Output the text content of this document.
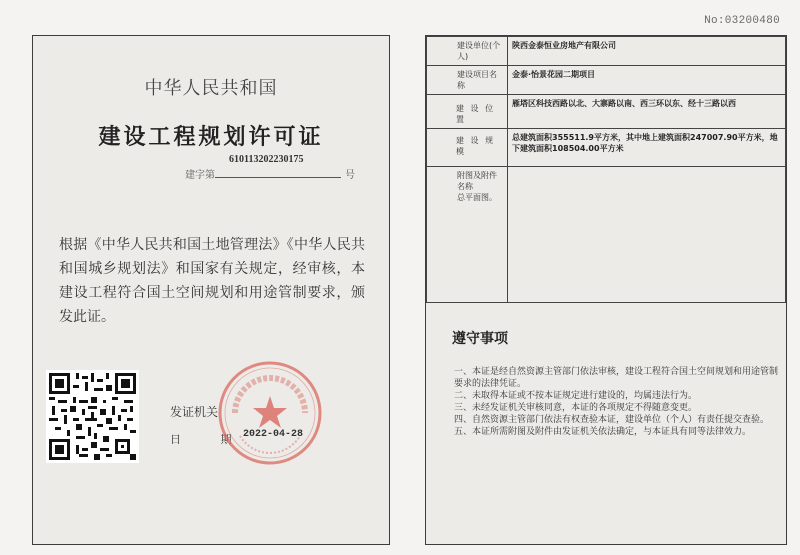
No:03200480
中华人民共和国
建设工程规划许可证
610113202230175
建字第	号
根据《中华人民共和国土地管理法》《中华人民共和国城乡规划法》和国家有关规定，经审核，本建设工程符合国土空间规划和用途管制要求，颁发此证。
发证机关
日 期
2022-04-28
建设单位(个人)	陕西金泰恒业房地产有限公司
建设项目名称	金泰·怡景花园二期项目
建 设 位 置	雁塔区科技西路以北、大寨路以南、西三环以东、经十三路以西
建 设 规 模	总建筑面积355511.9平方米，其中地上建筑面积247007.90平方米，地下建筑面积108504.00平方米
附图及附件名称
总平面图。	
遵守事项
一、本证是经自然资源主管部门依法审核，建设工程符合国土空间规划和用途管制要求的法律凭证。
二、未取得本证或不按本证规定进行建设的，均属违法行为。
三、未经发证机关审核同意，本证的各项规定不得随意变更。
四、自然资源主管部门依法有权查验本证，建设单位（个人）有责任提交查验。
五、本证所需附图及附件由发证机关依法确定，与本证具有同等法律效力。
